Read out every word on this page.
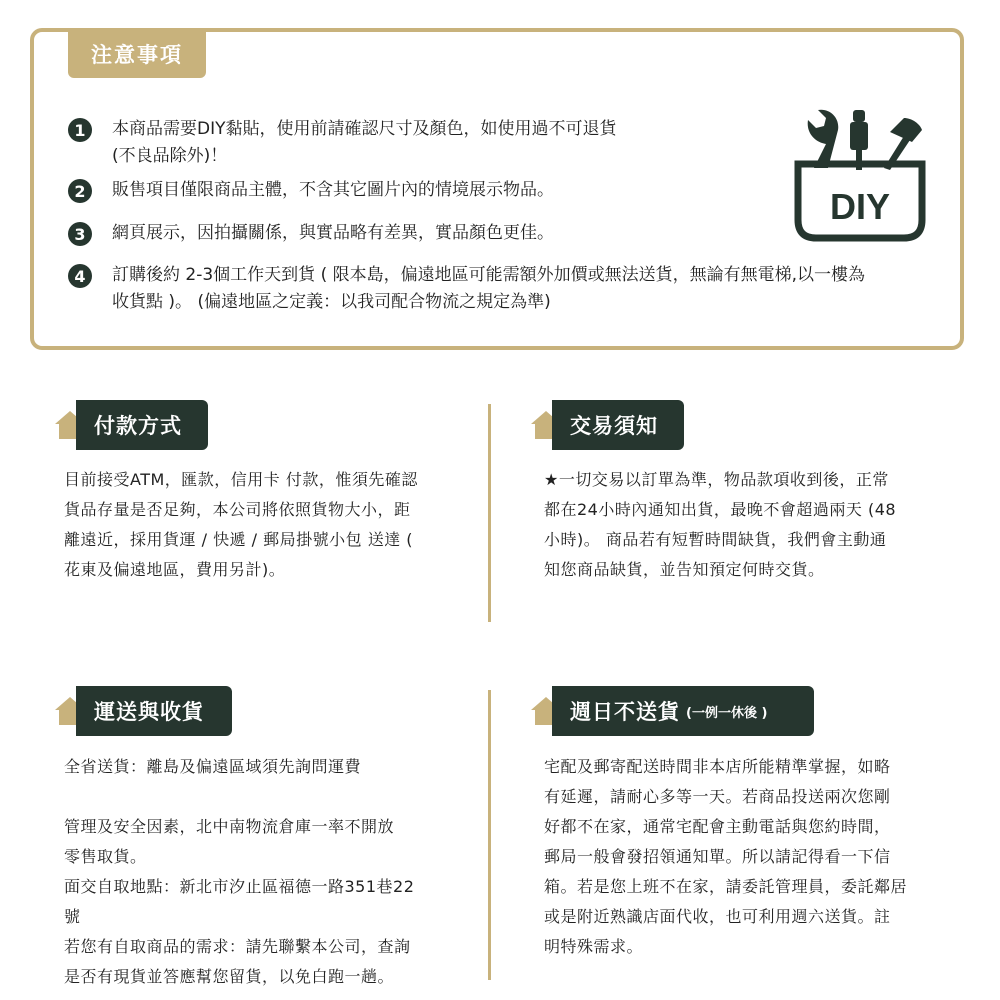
注意事項
1	本商品需要DIY黏貼，使用前請確認尺寸及顏色，如使用過不可退貨
(不良品除外)！
2	販售項目僅限商品主體，不含其它圖片內的情境展示物品。
3	網頁展示，因拍攝關係，與實品略有差異，實品顏色更佳。
4	訂購後約 2-3個工作天到貨 ( 限本島，偏遠地區可能需額外加價或無法送貨，無論有無電梯,以一樓為
收貨點 )。 (偏遠地區之定義：以我司配合物流之規定為準)
DIY
付款方式

目前接受ATM，匯款，信用卡 付款，惟須先確認

貨品存量是否足夠，本公司將依照貨物大小，距

離遠近，採用貨運 / 快遞 / 郵局掛號小包 送達 (

花東及偏遠地區，費用另計)。

交易須知

★一切交易以訂單為準，物品款項收到後，正常

都在24小時內通知出貨，最晚不會超過兩天 (48

小時)。 商品若有短暫時間缺貨，我們會主動通

知您商品缺貨，並告知預定何時交貨。

運送與收貨

全省送貨：離島及偏遠區域須先詢問運費

管理及安全因素，北中南物流倉庫一率不開放

零售取貨。

面交自取地點：新北市汐止區福德一路351巷22

號

若您有自取商品的需求：請先聯繫本公司，查詢

是否有現貨並答應幫您留貨，以免白跑一趟。

週日不送貨 (一例一休後 )

宅配及郵寄配送時間非本店所能精準掌握，如略

有延遲，請耐心多等一天。若商品投送兩次您剛

好都不在家，通常宅配會主動電話與您約時間，

郵局一般會發招領通知單。所以請記得看一下信

箱。若是您上班不在家，請委託管理員，委託鄰居

或是附近熟識店面代收，也可利用週六送貨。註

明特殊需求。
